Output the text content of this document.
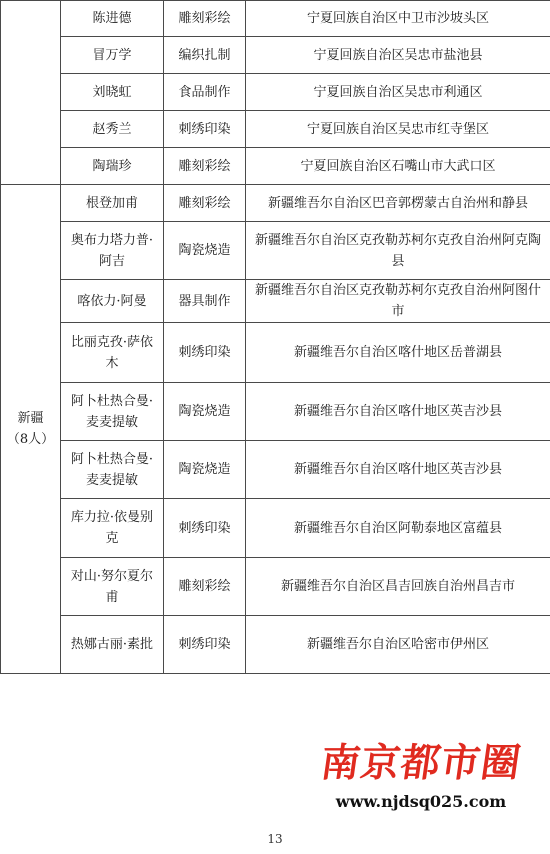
	陈进德	雕刻彩绘	宁夏回族自治区中卫市沙坡头区
	冒万学	编织扎制	宁夏回族自治区吴忠市盐池县
	刘晓虹	食品制作	宁夏回族自治区吴忠市利通区
	赵秀兰	刺绣印染	宁夏回族自治区吴忠市红寺堡区
	陶瑞珍	雕刻彩绘	宁夏回族自治区石嘴山市大武口区

新疆
（8人）	根登加甫	雕刻彩绘	新疆维吾尔自治区巴音郭楞蒙古自治州和静县
	奥布力塔力普·阿吉	陶瓷烧造	新疆维吾尔自治区克孜勒苏柯尔克孜自治州阿克陶县
	喀依力·阿曼	器具制作	新疆维吾尔自治区克孜勒苏柯尔克孜自治州阿图什市
	比丽克孜·萨依木	刺绣印染	新疆维吾尔自治区喀什地区岳普湖县
	阿卜杜热合曼·麦麦提敏	陶瓷烧造	新疆维吾尔自治区喀什地区英吉沙县
	阿卜杜热合曼·麦麦提敏	陶瓷烧造	新疆维吾尔自治区喀什地区英吉沙县
	库力拉·依曼别克	刺绣印染	新疆维吾尔自治区阿勒泰地区富蕴县
	对山·努尔夏尔甫	雕刻彩绘	新疆维吾尔自治区昌吉回族自治州昌吉市
	热娜古丽·素批	刺绣印染	新疆维吾尔自治区哈密市伊州区
南京都市圈
www.njdsq025.com
13
